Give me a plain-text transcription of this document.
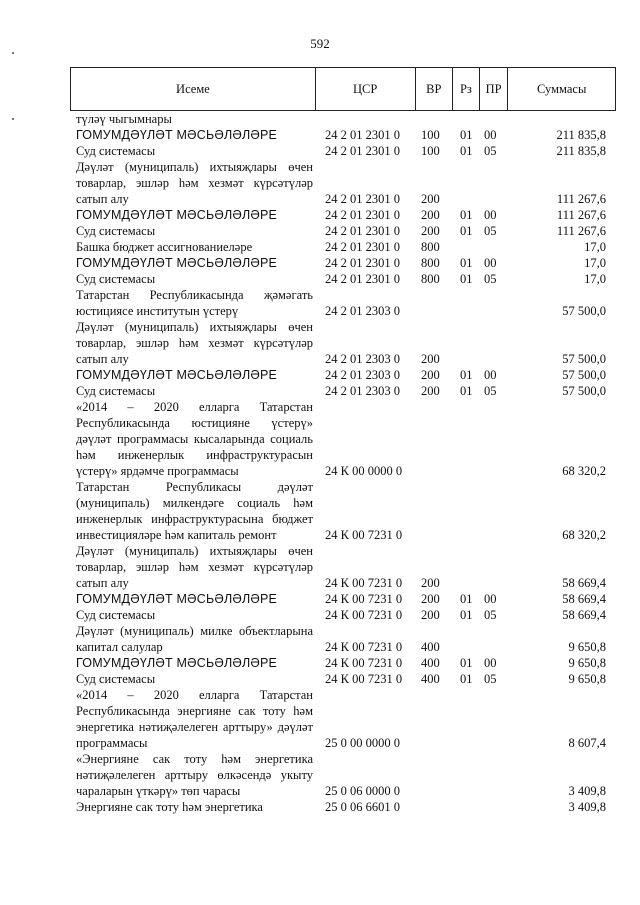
592
Исеме	ЦСР	ВР	Рз	ПР	Суммасы
түләү чыгымнары
ГОМУМДӘҮЛӘТ МӘСЬӘЛӘЛӘРЕ	24 2 01 2301 0	100	01 00	211 835,8
Суд системасы	24 2 01 2301 0	100	01 05	211 835,8
Дәүләт (муниципаль) ихтыяҗлары өчен товарлар, эшләр һәм хезмәт күрсәтүләр сатып алу	24 2 01 2301 0	200	111 267,6
ГОМУМДӘҮЛӘТ МӘСЬӘЛӘЛӘРЕ	24 2 01 2301 0	200	01 00	111 267,6
Суд системасы	24 2 01 2301 0	200	01 05	111 267,6
Башка бюджет ассигнованиеләре	24 2 01 2301 0	800	17,0
ГОМУМДӘҮЛӘТ МӘСЬӘЛӘЛӘРЕ	24 2 01 2301 0	800	01 00	17,0
Суд системасы	24 2 01 2301 0	800	01 05	17,0
Татарстан Республикасында җәмәгать юстициясе институтын үстерү	24 2 01 2303 0	57 500,0
Дәүләт (муниципаль) ихтыяҗлары өчен товарлар, эшләр һәм хезмәт күрсәтүләр сатып алу	24 2 01 2303 0	200	57 500,0
ГОМУМДӘҮЛӘТ МӘСЬӘЛӘЛӘРЕ	24 2 01 2303 0	200	01 00	57 500,0
Суд системасы	24 2 01 2303 0	200	01 05	57 500,0
«2014 – 2020 елларга Татарстан Республикасында юстицияне үстерү» дәүләт программасы кысаларында социаль һәм инженерлык инфраструктурасын үстерү» ярдәмче программасы	24 К 00 0000 0	68 320,2
Татарстан Республикасы дәүләт (муниципаль) милкендәге социаль һәм инженерлык инфраструктурасына бюджет инвестицияләре һәм капиталь ремонт	24 К 00 7231 0	68 320,2
Дәүләт (муниципаль) ихтыяҗлары өчен товарлар, эшләр һәм хезмәт күрсәтүләр сатып алу	24 К 00 7231 0	200	58 669,4
ГОМУМДӘҮЛӘТ МӘСЬӘЛӘЛӘРЕ	24 К 00 7231 0	200	01 00	58 669,4
Суд системасы	24 К 00 7231 0	200	01 05	58 669,4
Дәүләт (муниципаль) милке объектларына капитал салулар	24 К 00 7231 0	400	9 650,8
ГОМУМДӘҮЛӘТ МӘСЬӘЛӘЛӘРЕ	24 К 00 7231 0	400	01 00	9 650,8
Суд системасы	24 К 00 7231 0	400	01 05	9 650,8
«2014 – 2020 елларга Татарстан Республикасында энергияне сак тоту һәм энергетика нәтиҗәлелеген арттыру» дәүләт программасы	25 0 00 0000 0	8 607,4
«Энергияне сак тоту һәм энергетика нәтиҗәлелеген арттыру өлкәсендә укыту чараларын үткәрү» төп чарасы	25 0 06 0000 0	3 409,8
Энергияне сак тоту һәм энергетика	25 0 06 6601 0	3 409,8
